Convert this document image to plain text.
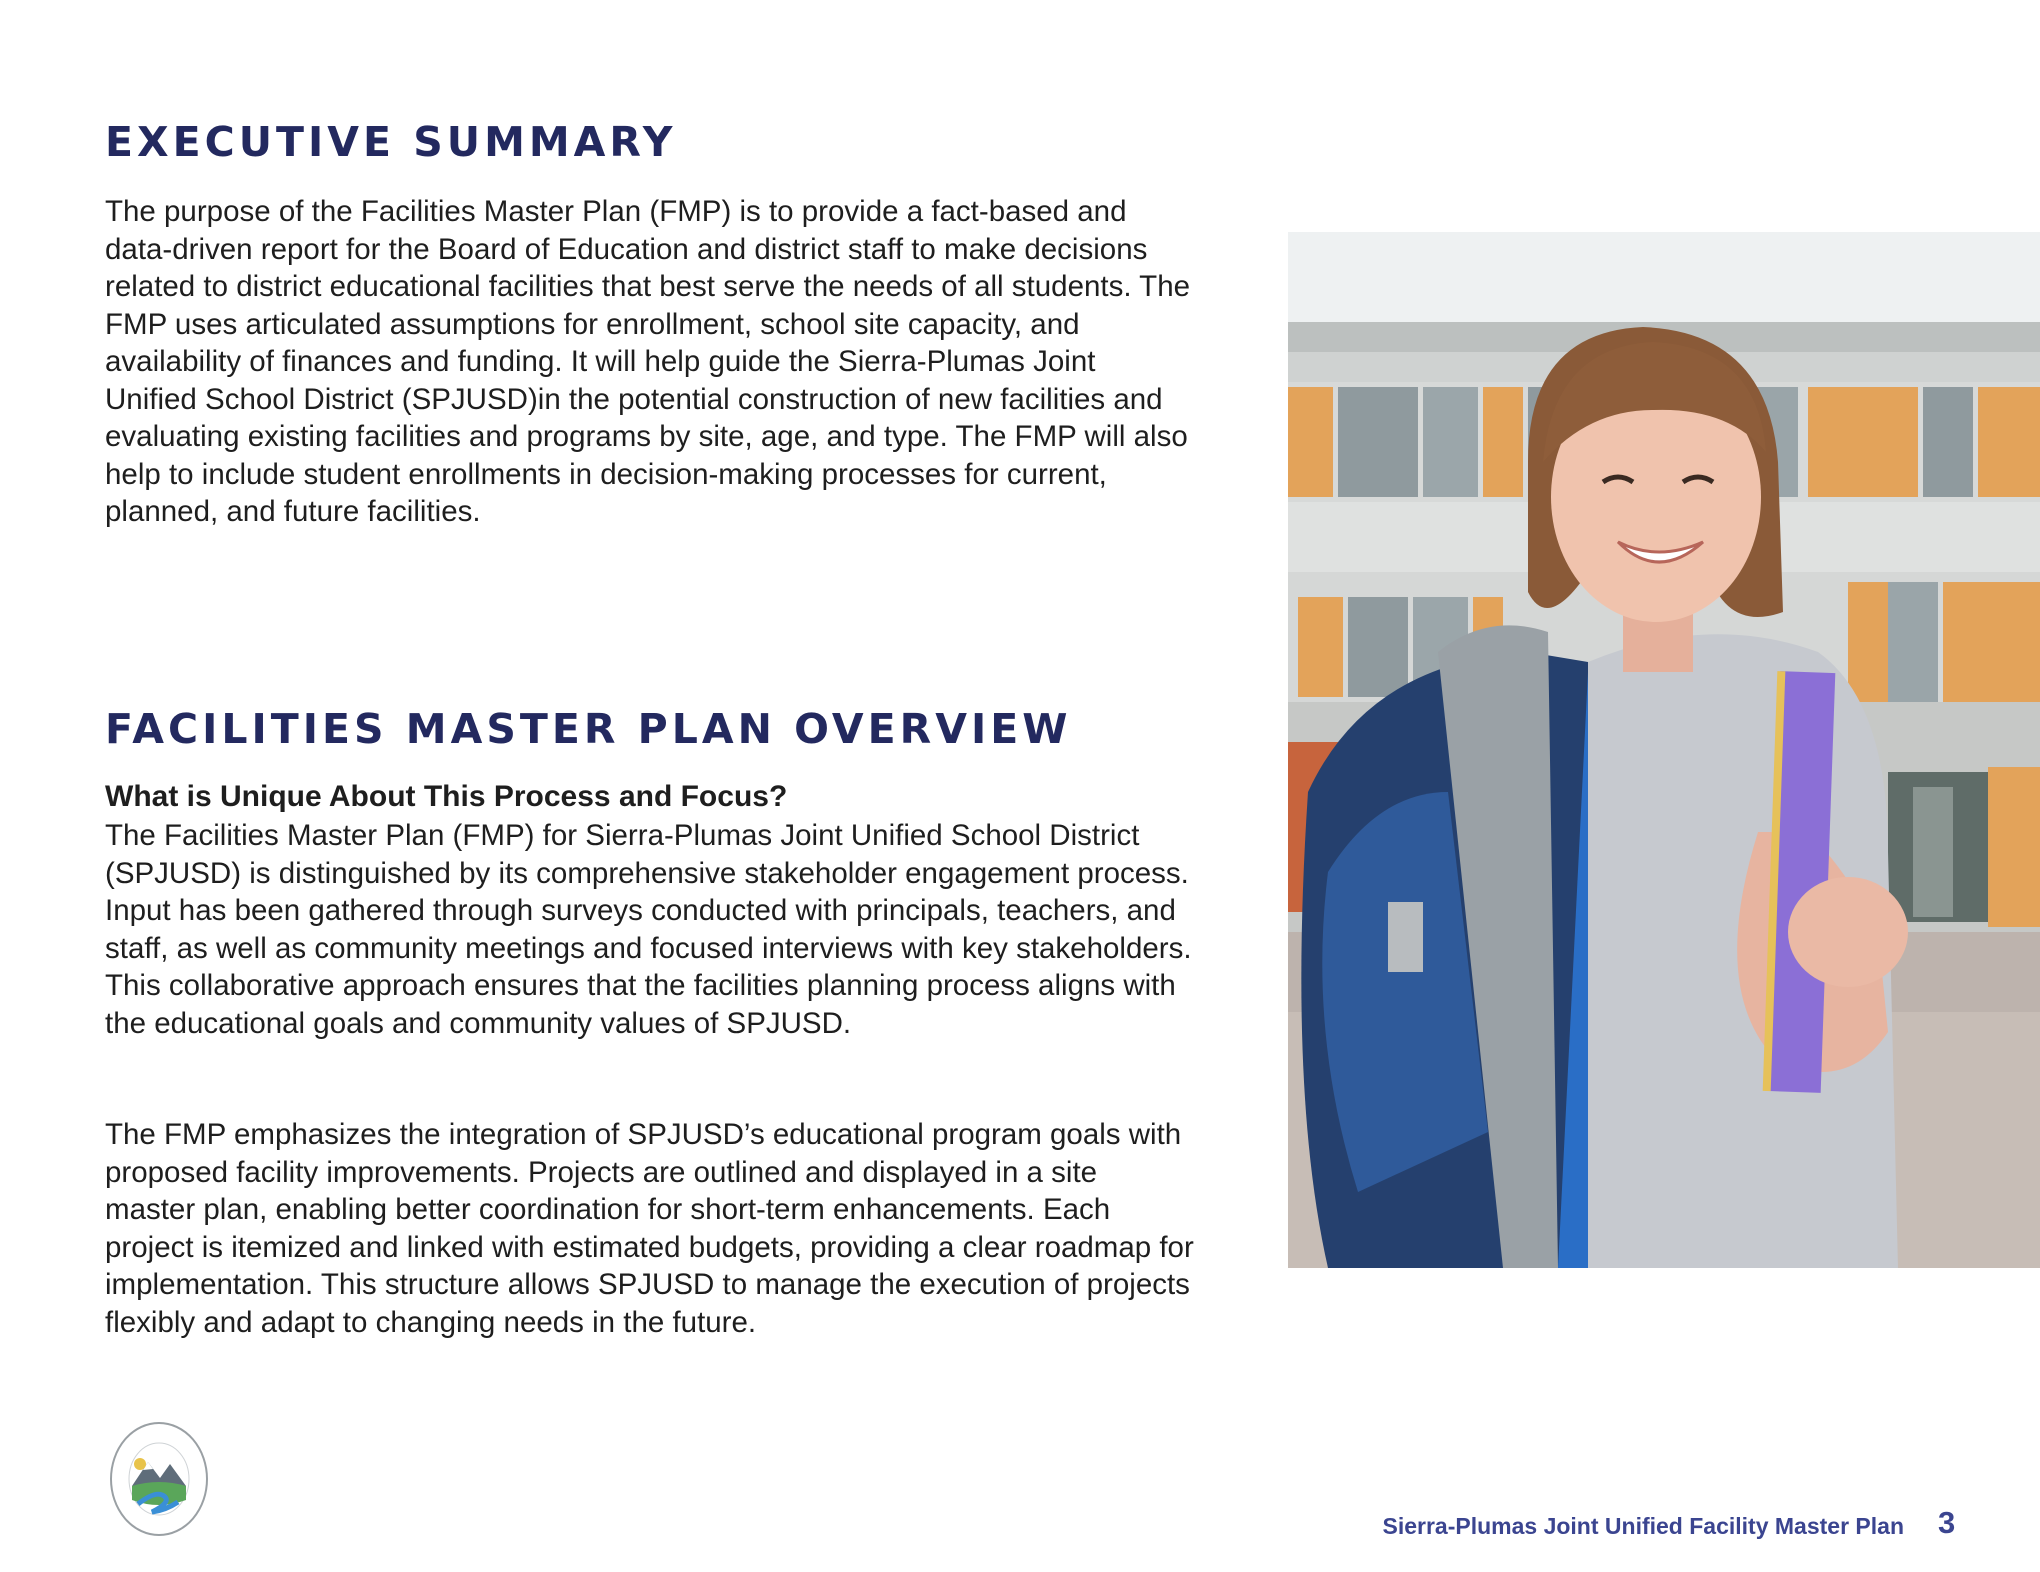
EXECUTIVE SUMMARY

The purpose of the Facilities Master Plan (FMP) is to provide a fact-based and data-driven report for the Board of Education and district staff to make decisions related to district educational facilities that best serve the needs of all students. The FMP uses articulated assumptions for enrollment, school site capacity, and availability of finances and funding. It will help guide the Sierra-Plumas Joint Unified School District (SPJUSD)in the potential construction of new facilities and evaluating existing facilities and programs by site, age, and type. The FMP will also help to include student enrollments in decision-making processes for current, planned, and future facilities.

FACILITIES MASTER PLAN OVERVIEW

What is Unique About This Process and Focus?

The Facilities Master Plan (FMP) for Sierra-Plumas Joint Unified School District (SPJUSD) is distinguished by its comprehensive stakeholder engagement process. Input has been gathered through surveys conducted with principals, teachers, and staff, as well as community meetings and focused interviews with key stakeholders. This collaborative approach ensures that the facilities planning process aligns with the educational goals and community values of SPJUSD.

The FMP emphasizes the integration of SPJUSD’s educational program goals with proposed facility improvements. Projects are outlined and displayed in a site master plan, enabling better coordination for short-term enhancements. Each project is itemized and linked with estimated budgets, providing a clear roadmap for implementation. This structure allows SPJUSD to manage the execution of projects flexibly and adapt to changing needs in the future.

Sierra-Plumas Joint Unified Facility Master Plan 3
